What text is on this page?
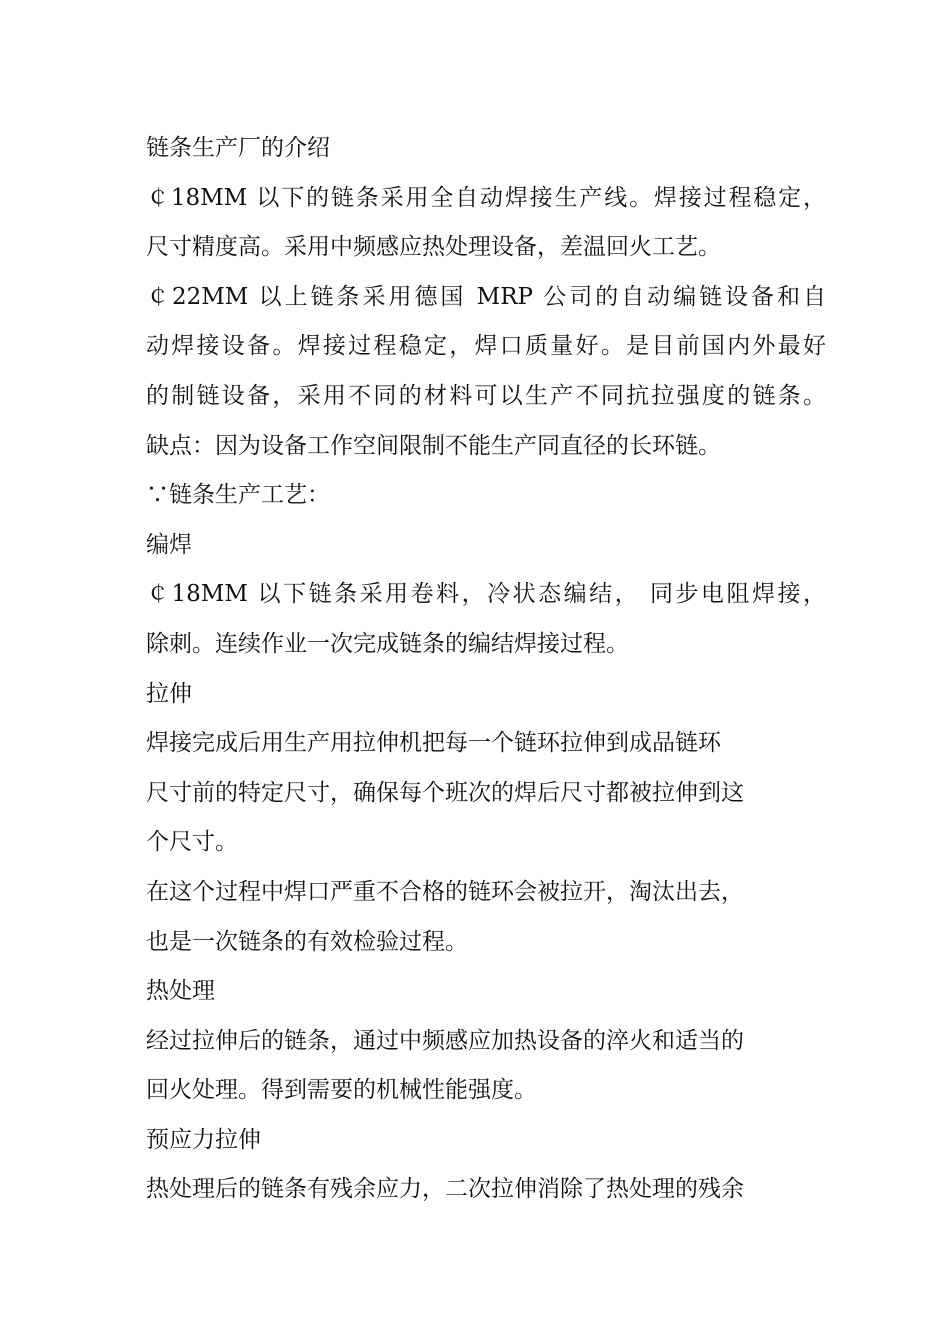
链条生产厂的介绍
￠18MM 以下的链条采用全自动焊接生产线。焊接过程稳定，
尺寸精度高。采用中频感应热处理设备，差温回火工艺。
￠22MM 以上链条采用德国 MRP 公司的自动编链设备和自
动焊接设备。焊接过程稳定，焊口质量好。是目前国内外最好
的制链设备，采用不同的材料可以生产不同抗拉强度的链条。
缺点：因为设备工作空间限制不能生产同直径的长环链。
∵链条生产工艺：
编焊
￠18MM 以下链条采用卷料，冷状态编结， 同步电阻焊接，
除刺。连续作业一次完成链条的编结焊接过程。
拉伸
焊接完成后用生产用拉伸机把每一个链环拉伸到成品链环
尺寸前的特定尺寸，确保每个班次的焊后尺寸都被拉伸到这
个尺寸。
在这个过程中焊口严重不合格的链环会被拉开，淘汰出去，
也是一次链条的有效检验过程。
热处理
经过拉伸后的链条，通过中频感应加热设备的淬火和适当的
回火处理。得到需要的机械性能强度。
预应力拉伸
热处理后的链条有残余应力，二次拉伸消除了热处理的残余
